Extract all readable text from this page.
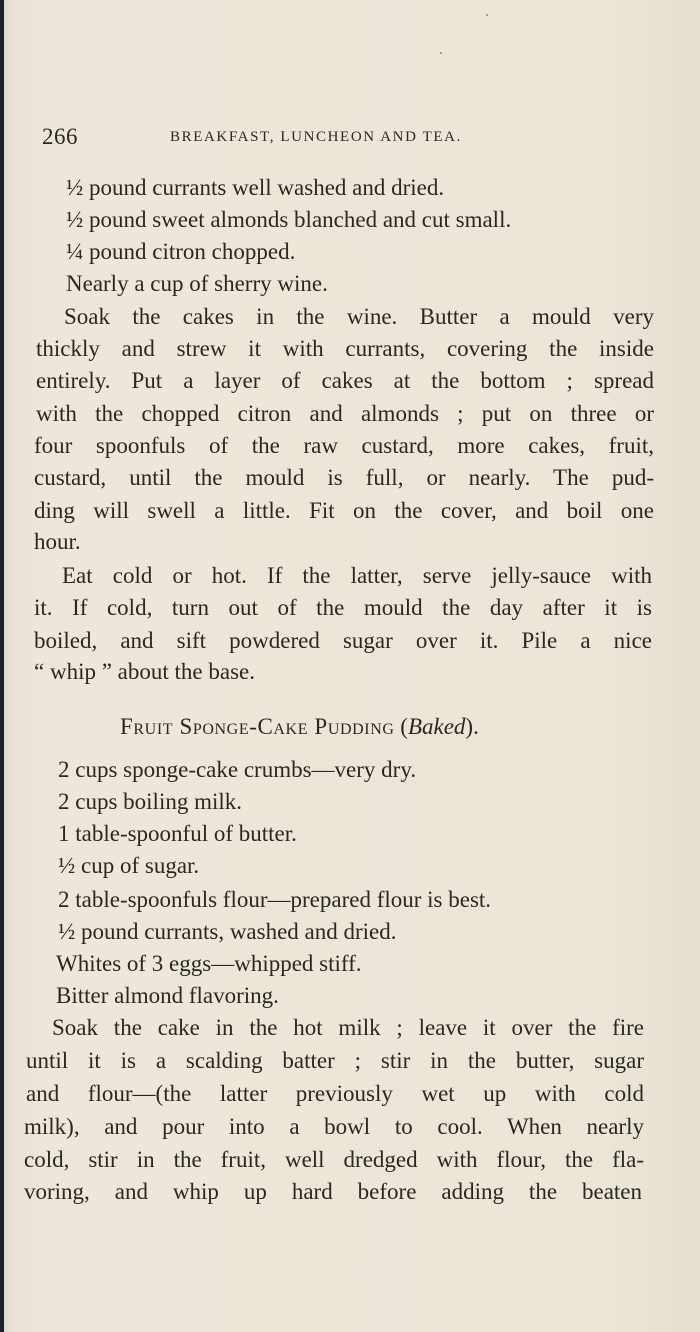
266	BREAKFAST, LUNCHEON AND TEA.
½ pound currants well washed and dried.
½ pound sweet almonds blanched and cut small.
¼ pound citron chopped.
Nearly a cup of sherry wine.
Soak the cakes in the wine. Butter a mould very
thickly and strew it with currants, covering the inside
entirely. Put a layer of cakes at the bottom ; spread
with the chopped citron and almonds ; put on three or
four spoonfuls of the raw custard, more cakes, fruit,
custard, until the mould is full, or nearly. The pud-
ding will swell a little. Fit on the cover, and boil one
hour.
Eat cold or hot. If the latter, serve jelly-sauce with
it. If cold, turn out of the mould the day after it is
boiled, and sift powdered sugar over it. Pile a nice
“ whip ” about the base.
Fruit Sponge-Cake Pudding (Baked).
2 cups sponge-cake crumbs—very dry.
2 cups boiling milk.
1 table-spoonful of butter.
½ cup of sugar.
2 table-spoonfuls flour—prepared flour is best.
½ pound currants, washed and dried.
Whites of 3 eggs—whipped stiff.
Bitter almond flavoring.
Soak the cake in the hot milk ; leave it over the fire
until it is a scalding batter ; stir in the butter, sugar
and flour—(the latter previously wet up with cold
milk), and pour into a bowl to cool. When nearly
cold, stir in the fruit, well dredged with flour, the fla-
voring, and whip up hard before adding the beaten
